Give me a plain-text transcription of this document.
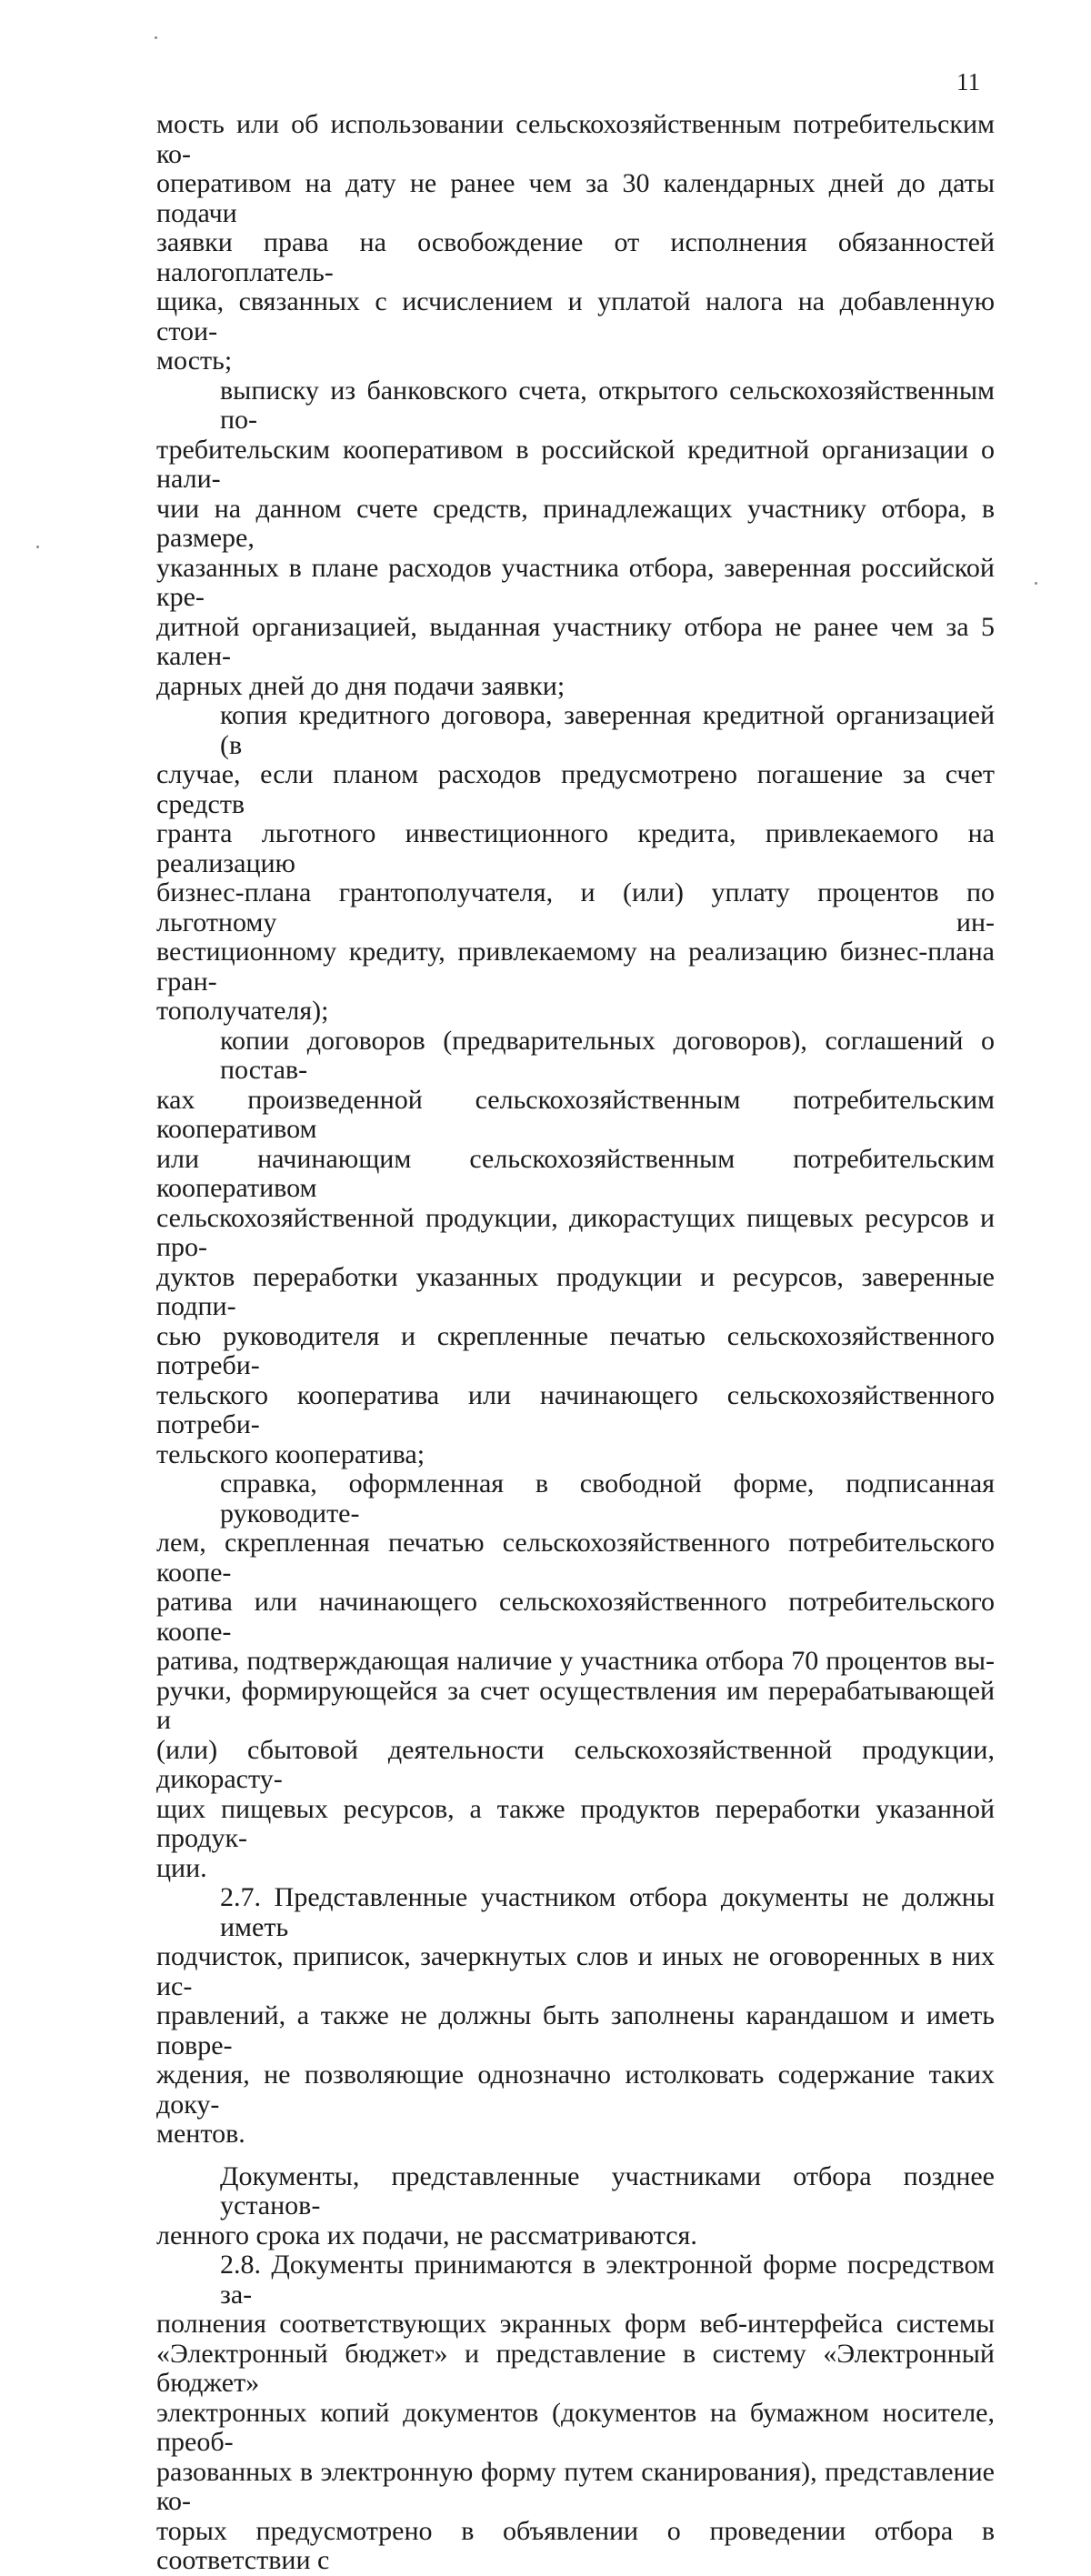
11
мость или об использовании сельскохозяйственным потребительским ко-
оперативом на дату не ранее чем за 30 календарных дней до даты подачи
заявки права на освобождение от исполнения обязанностей налогоплатель-
щика, связанных с исчислением и уплатой налога на добавленную стои-
мость;
выписку из банковского счета, открытого сельскохозяйственным по-
требительским кооперативом в российской кредитной организации о нали-
чии на данном счете средств, принадлежащих участнику отбора, в размере,
указанных в плане расходов участника отбора, заверенная российской кре-
дитной организацией, выданная участнику отбора не ранее чем за 5 кален-
дарных дней до дня подачи заявки;
копия кредитного договора, заверенная кредитной организацией (в
случае, если планом расходов предусмотрено погашение за счет средств
гранта льготного инвестиционного кредита, привлекаемого на реализацию
бизнес-плана грантополучателя, и (или) уплату процентов по льготному ин-
вестиционному кредиту, привлекаемому на реализацию бизнес-плана гран-
тополучателя);
копии договоров (предварительных договоров), соглашений о постав-
ках произведенной сельскохозяйственным потребительским кооперативом
или начинающим сельскохозяйственным потребительским кооперативом
сельскохозяйственной продукции, дикорастущих пищевых ресурсов и про-
дуктов переработки указанных продукции и ресурсов, заверенные подпи-
сью руководителя и скрепленные печатью сельскохозяйственного потреби-
тельского кооператива или начинающего сельскохозяйственного потреби-
тельского кооператива;
справка, оформленная в свободной форме, подписанная руководите-
лем, скрепленная печатью сельскохозяйственного потребительского коопе-
ратива или начинающего сельскохозяйственного потребительского коопе-
ратива, подтверждающая наличие у участника отбора 70 процентов вы-
ручки, формирующейся за счет осуществления им перерабатывающей и
(или) сбытовой деятельности сельскохозяйственной продукции, дикорасту-
щих пищевых ресурсов, а также продуктов переработки указанной продук-
ции.
2.7. Представленные участником отбора документы не должны иметь
подчисток, приписок, зачеркнутых слов и иных не оговоренных в них ис-
правлений, а также не должны быть заполнены карандашом и иметь повре-
ждения, не позволяющие однозначно истолковать содержание таких доку-
ментов.
Документы, представленные участниками отбора позднее установ-
ленного срока их подачи, не рассматриваются.
2.8. Документы принимаются в электронной форме посредством за-
полнения соответствующих экранных форм веб-интерфейса системы
«Электронный бюджет» и представление в систему «Электронный бюджет»
электронных копий документов (документов на бумажном носителе, преоб-
разованных в электронную форму путем сканирования), представление ко-
торых предусмотрено в объявлении о проведении отбора в соответствии с
